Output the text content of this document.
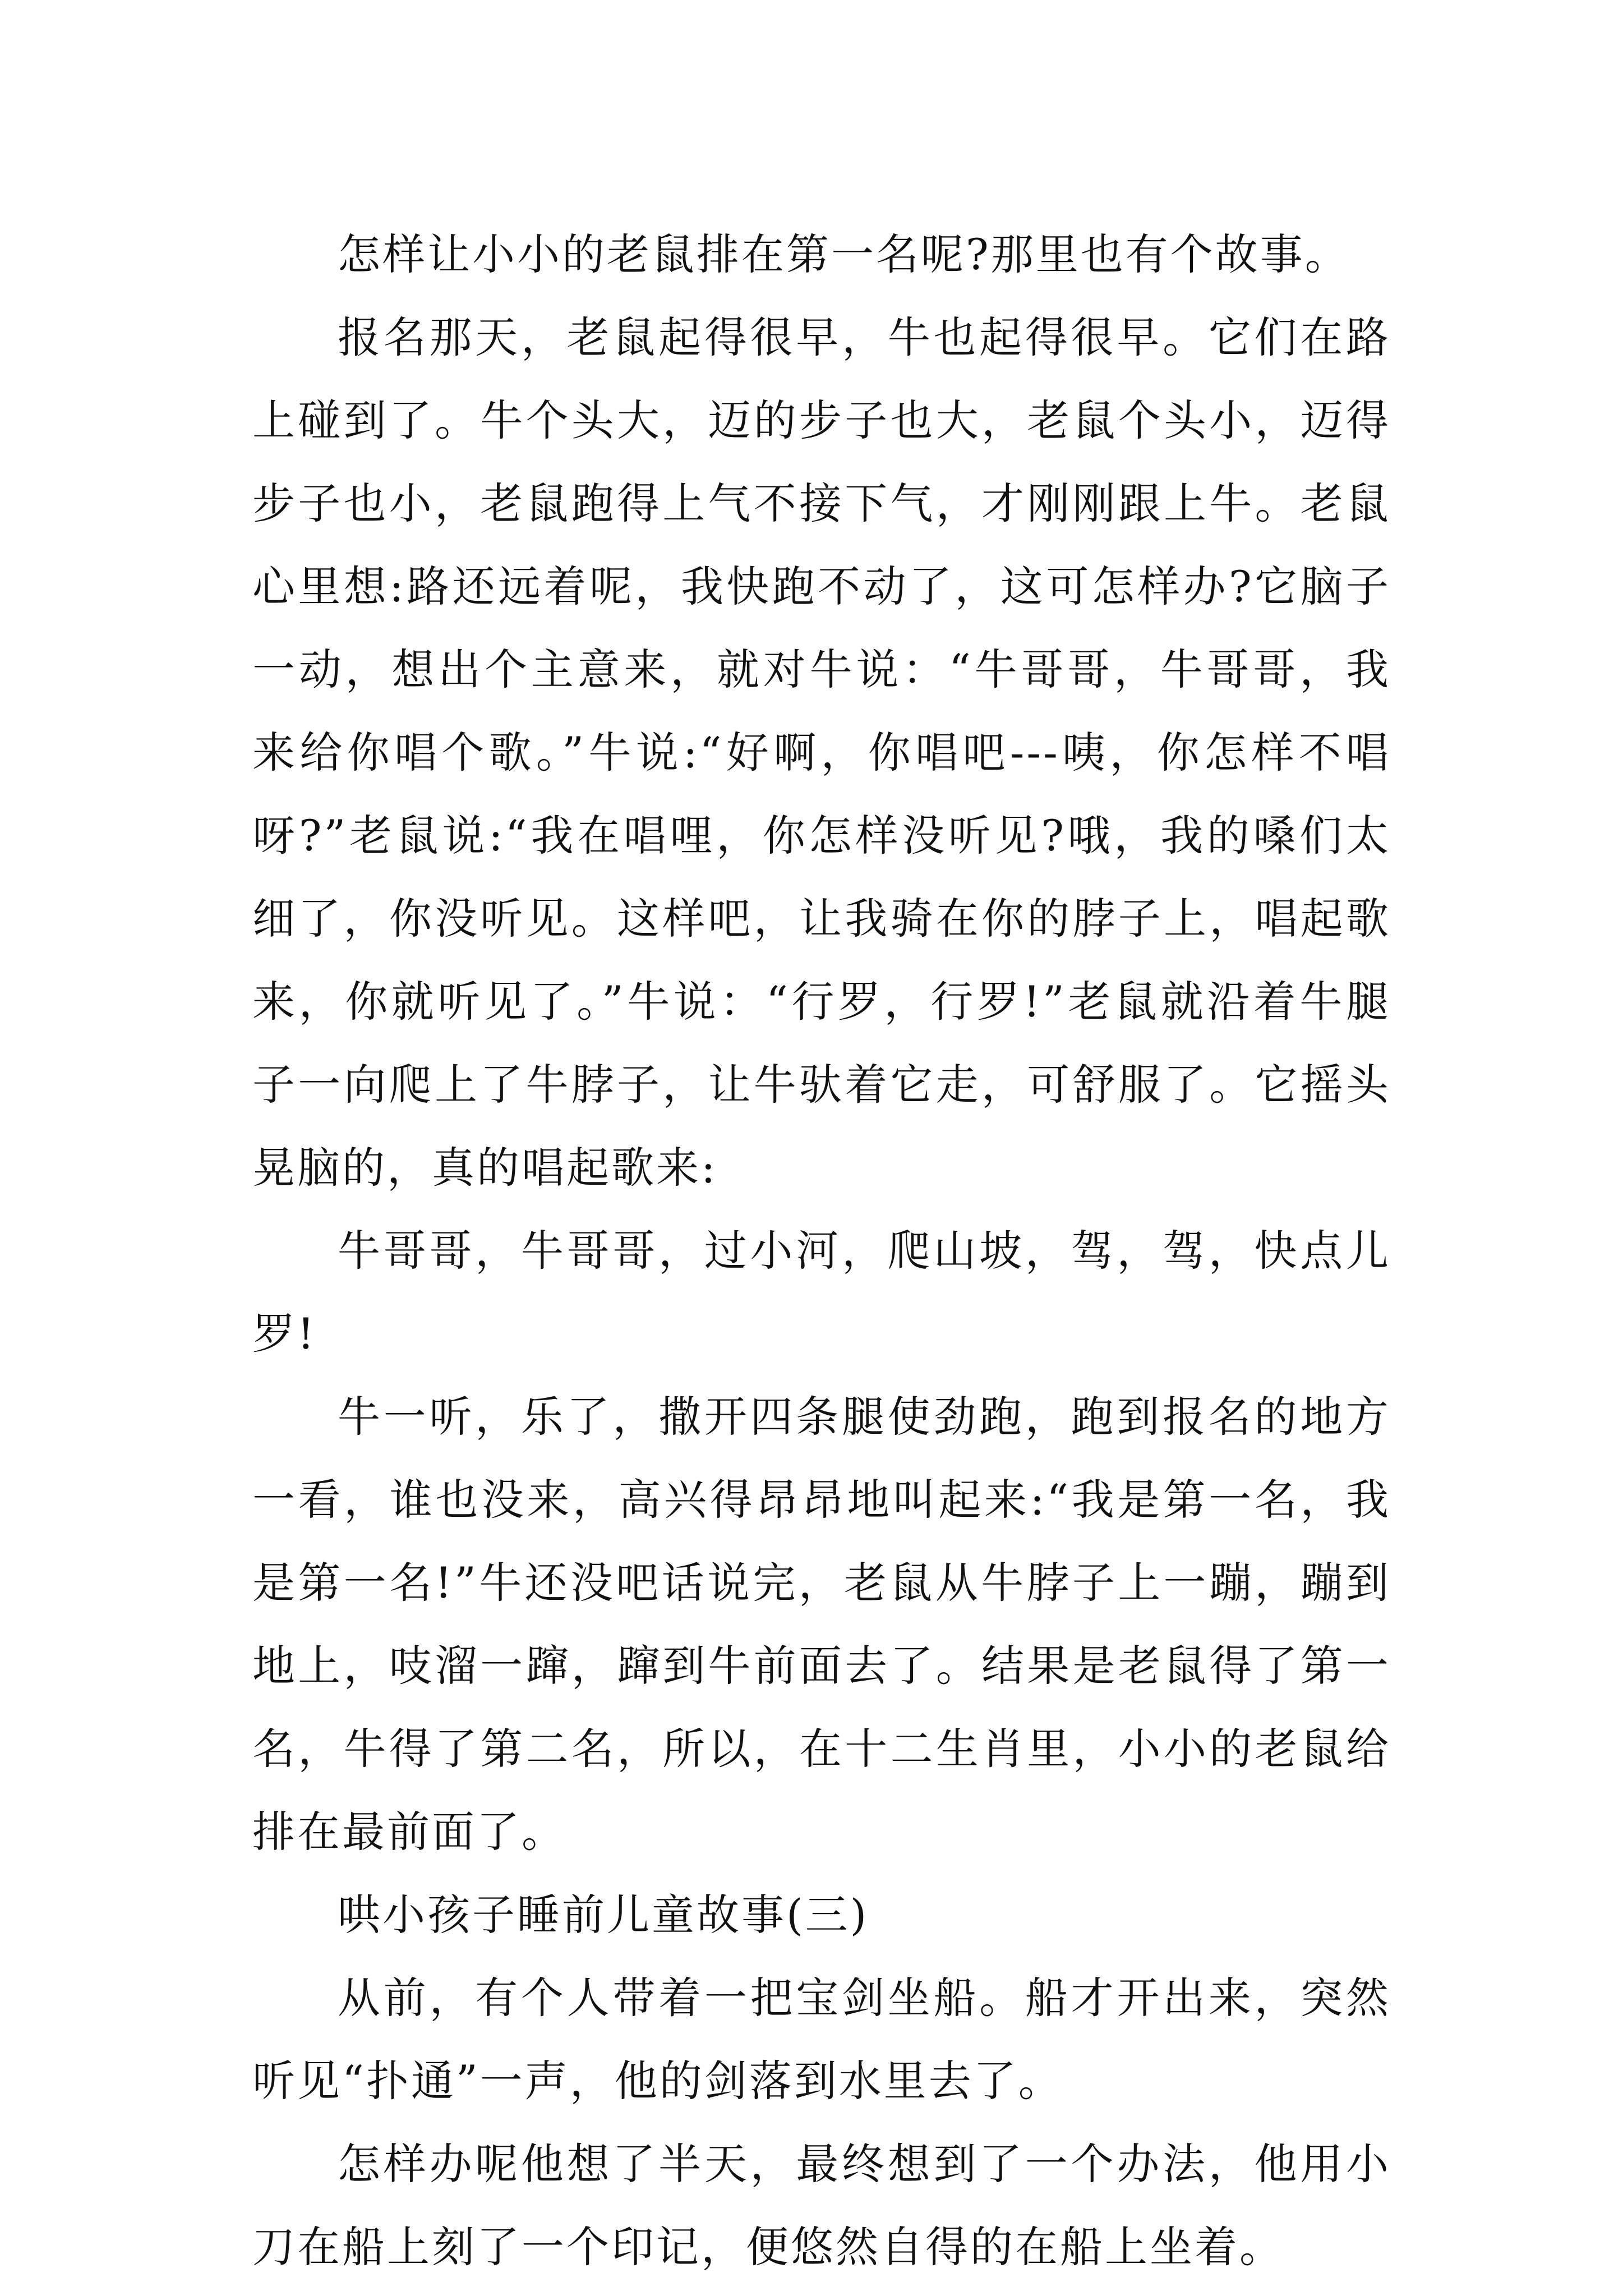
怎样让小小的老鼠排在第一名呢?那里也有个故事。

报名那天，老鼠起得很早，牛也起得很早。它们在路上碰到了。牛个头大，迈的步子也大，老鼠个头小，迈得步子也小，老鼠跑得上气不接下气，才刚刚跟上牛。老鼠心里想:路还远着呢，我快跑不动了，这可怎样办?它脑子一动，想出个主意来，就对牛说：“牛哥哥，牛哥哥，我来给你唱个歌。”牛说:“好啊，你唱吧---咦，你怎样不唱呀?”老鼠说:“我在唱哩，你怎样没听见?哦，我的嗓们太细了，你没听见。这样吧，让我骑在你的脖子上，唱起歌来，你就听见了。”牛说：“行罗，行罗!”老鼠就沿着牛腿子一向爬上了牛脖子，让牛驮着它走，可舒服了。它摇头晃脑的，真的唱起歌来:

牛哥哥，牛哥哥，过小河，爬山坡，驾，驾，快点儿罗!

牛一听，乐了，撒开四条腿使劲跑，跑到报名的地方一看，谁也没来，高兴得昂昂地叫起来:“我是第一名，我是第一名!”牛还没吧话说完，老鼠从牛脖子上一蹦，蹦到地上，吱溜一蹿，蹿到牛前面去了。结果是老鼠得了第一名，牛得了第二名，所以，在十二生肖里，小小的老鼠给排在最前面了。

哄小孩子睡前儿童故事(三)

从前，有个人带着一把宝剑坐船。船才开出来，突然听见“扑通”一声，他的剑落到水里去了。

怎样办呢他想了半天，最终想到了一个办法，他用小刀在船上刻了一个印记，便悠然自得的在船上坐着。
